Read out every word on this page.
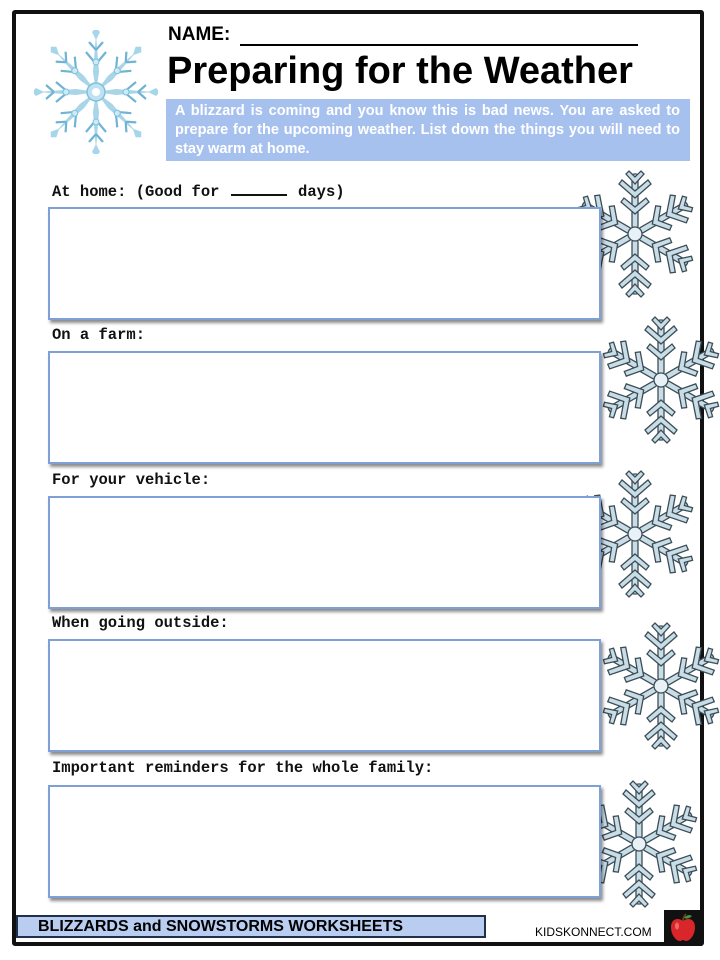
NAME:
Preparing for the Weather
A blizzard is coming and you know this is bad news. You are asked to prepare for the upcoming weather. List down the things you will need to stay warm at home.
At home: (Good for	days)
On a farm:
For your vehicle:
When going outside:
Important reminders for the whole family:
BLIZZARDS and SNOWSTORMS WORKSHEETS	KIDSKONNECT.COM
